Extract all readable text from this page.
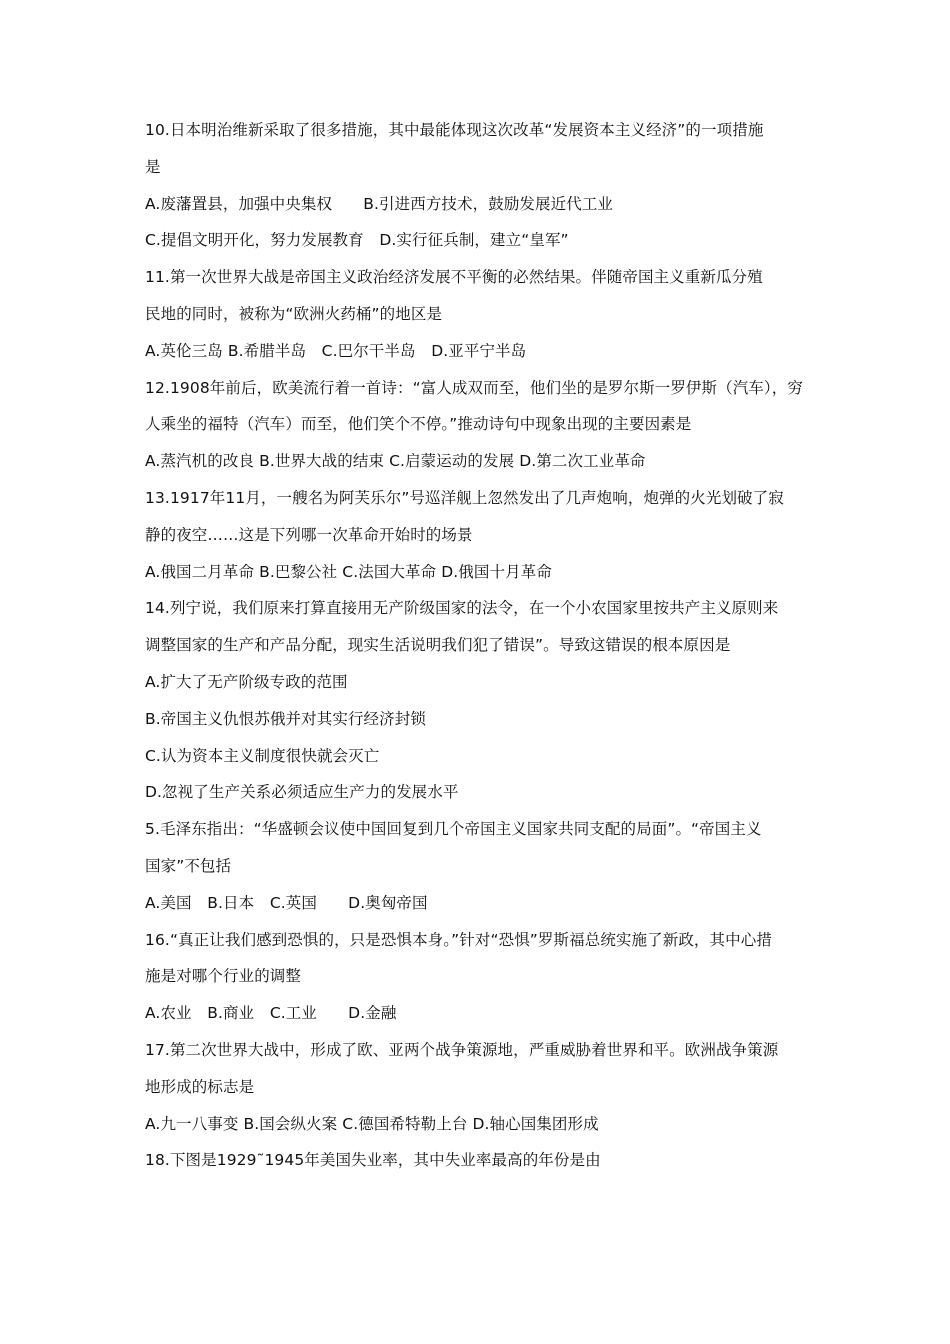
10.日本明治维新采取了很多措施，其中最能体现这次改革“发展资本主义经济”的一项措施
是
A.废藩置县，加强中央集权　　B.引进西方技术，鼓励发展近代工业
C.提倡文明开化，努力发展教育　D.实行征兵制，建立“皇军”
11.第一次世界大战是帝国主义政治经济发展不平衡的必然结果。伴随帝国主义重新瓜分殖
民地的同时，被称为“欧洲火药桶”的地区是
A.英伦三岛 B.希腊半岛　C.巴尔干半岛　D.亚平宁半岛
12.1908年前后，欧美流行着一首诗：“富人成双而至，他们坐的是罗尔斯一罗伊斯（汽车），穷
人乘坐的福特（汽车）而至，他们笑个不停。”推动诗句中现象出现的主要因素是
A.蒸汽机的改良 B.世界大战的结束 C.启蒙运动的发展 D.第二次工业革命
13.1917年11月，一艘名为阿芙乐尔”号巡洋舰上忽然发出了几声炮响，炮弹的火光划破了寂
静的夜空……这是下列哪一次革命开始时的场景
A.俄国二月革命 B.巴黎公社 C.法国大革命 D.俄国十月革命
14.列宁说，我们原来打算直接用无产阶级国家的法令，在一个小农国家里按共产主义原则来
调整国家的生产和产品分配，现实生活说明我们犯了错误”。导致这错误的根本原因是
A.扩大了无产阶级专政的范围
B.帝国主义仇恨苏俄并对其实行经济封锁
C.认为资本主义制度很快就会灭亡
D.忽视了生产关系必须适应生产力的发展水平
5.毛泽东指出：“华盛顿会议使中国回复到几个帝国主义国家共同支配的局面”。“帝国主义
国家”不包括
A.美国　B.日本　C.英国　　D.奥匈帝国
16.“真正让我们感到恐惧的，只是恐惧本身。”针对“恐惧”罗斯福总统实施了新政，其中心措
施是对哪个行业的调整
A.农业　B.商业　C.工业　　D.金融
17.第二次世界大战中，形成了欧、亚两个战争策源地，严重威胁着世界和平。欧洲战争策源
地形成的标志是
A.九一八事变 B.国会纵火案 C.德国希特勒上台 D.轴心国集团形成
18.下图是1929˜1945年美国失业率，其中失业率最高的年份是由
